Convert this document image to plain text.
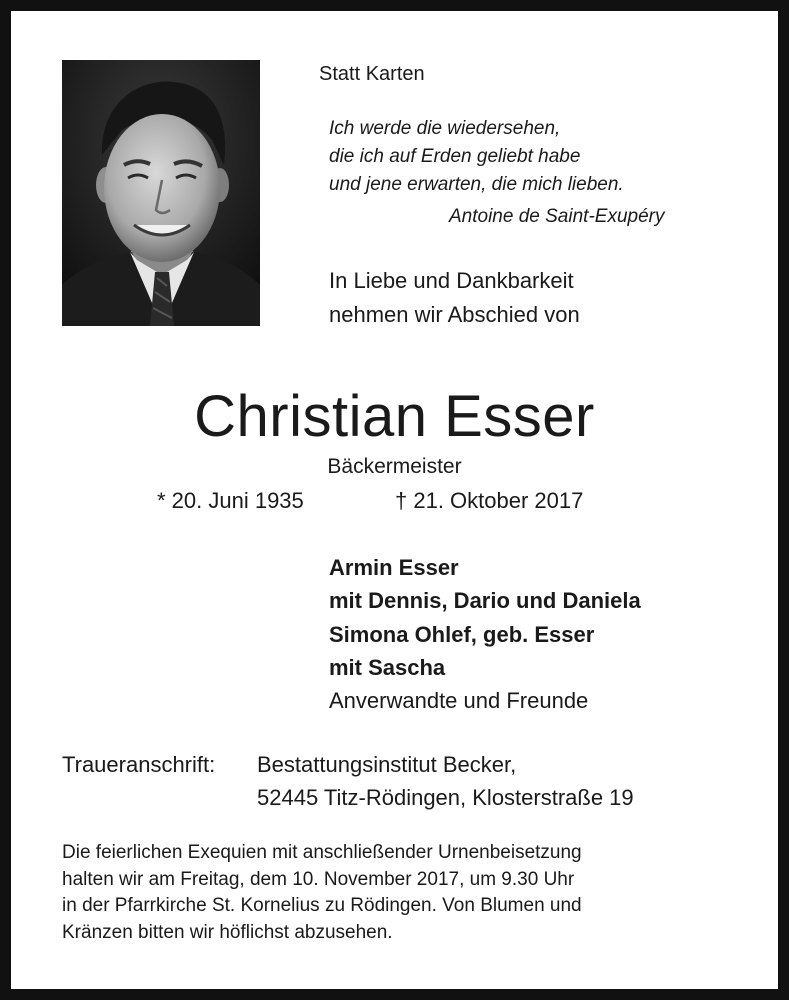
Statt Karten
Ich werde die wiedersehen,
die ich auf Erden geliebt habe
und jene erwarten, die mich lieben.
Antoine de Saint-Exupéry
In Liebe und Dankbarkeit
nehmen wir Abschied von
Christian Esser
Bäckermeister
* 20. Juni 1935	† 21. Oktober 2017
Armin Esser
mit Dennis, Dario und Daniela
Simona Ohlef, geb. Esser
mit Sascha
Anverwandte und Freunde
Traueranschrift: Bestattungsinstitut Becker,
52445 Titz-Rödingen, Klosterstraße 19
Die feierlichen Exequien mit anschließender Urnenbeisetzung
halten wir am Freitag, dem 10. November 2017, um 9.30 Uhr
in der Pfarrkirche St. Kornelius zu Rödingen. Von Blumen und
Kränzen bitten wir höflichst abzusehen.
